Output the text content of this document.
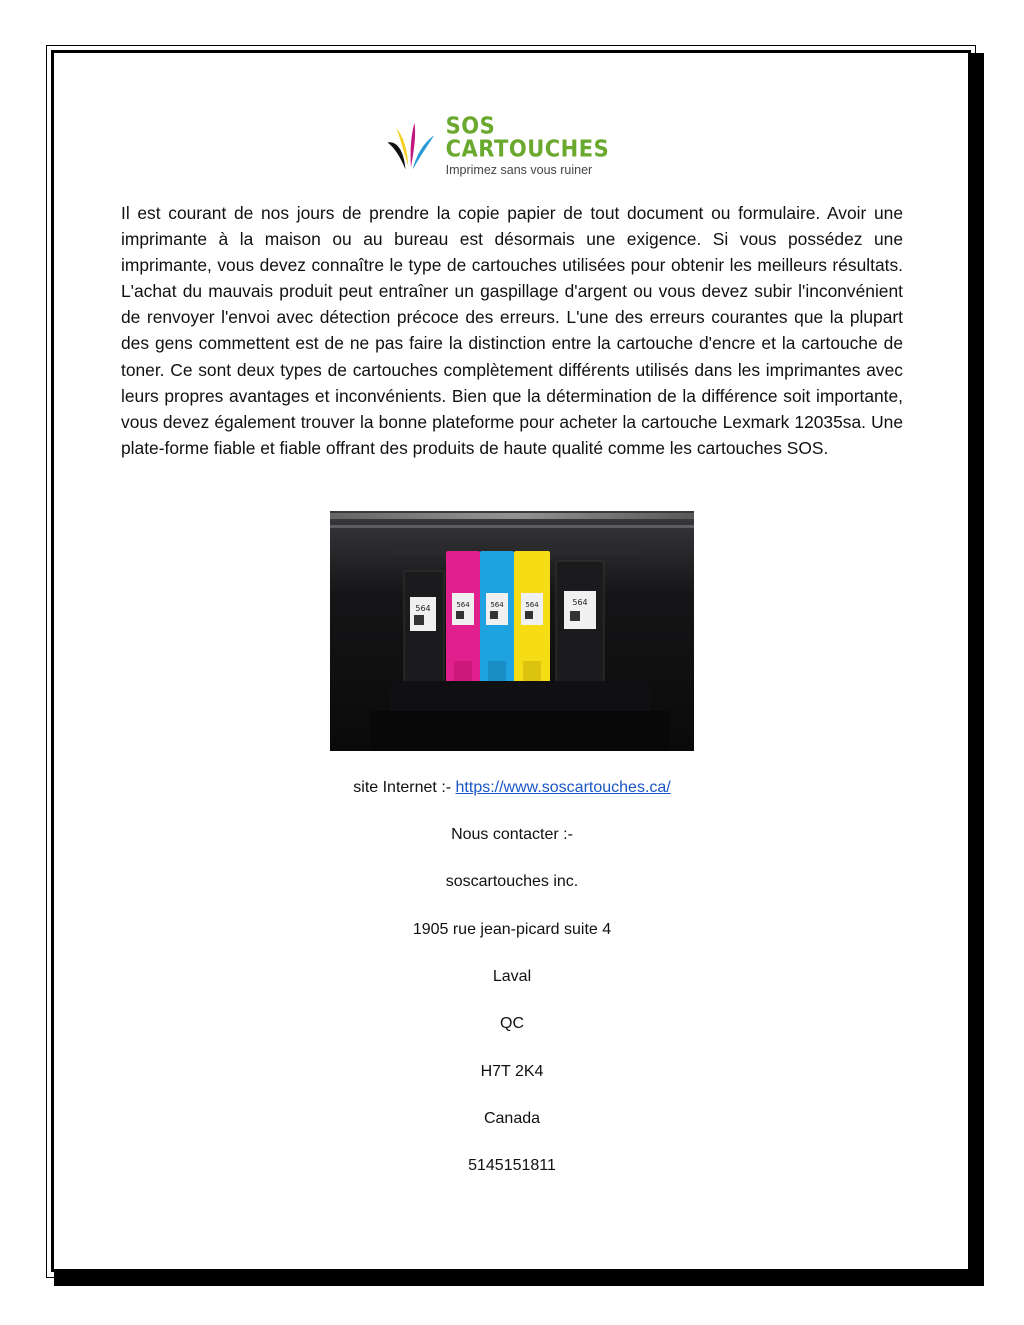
SOS CARTOUCHES
Imprimez sans vous ruiner
Il est courant de nos jours de prendre la copie papier de tout document ou formulaire. Avoir une imprimante à la maison ou au bureau est désormais une exigence. Si vous possédez une imprimante, vous devez connaître le type de cartouches utilisées pour obtenir les meilleurs résultats. L'achat du mauvais produit peut entraîner un gaspillage d'argent ou vous devez subir l'inconvénient de renvoyer l'envoi avec détection précoce des erreurs. L'une des erreurs courantes que la plupart des gens commettent est de ne pas faire la distinction entre la cartouche d'encre et la cartouche de toner. Ce sont deux types de cartouches complètement différents utilisés dans les imprimantes avec leurs propres avantages et inconvénients. Bien que la détermination de la différence soit importante, vous devez également trouver la bonne plateforme pour acheter la cartouche Lexmark 12035sa. Une plate-forme fiable et fiable offrant des produits de haute qualité comme les cartouches SOS.
564	564	564	564	564
site Internet :- https://www.soscartouches.ca/
Nous contacter :-
soscartouches inc.
1905 rue jean-picard suite 4
Laval
QC
H7T 2K4
Canada
5145151811
